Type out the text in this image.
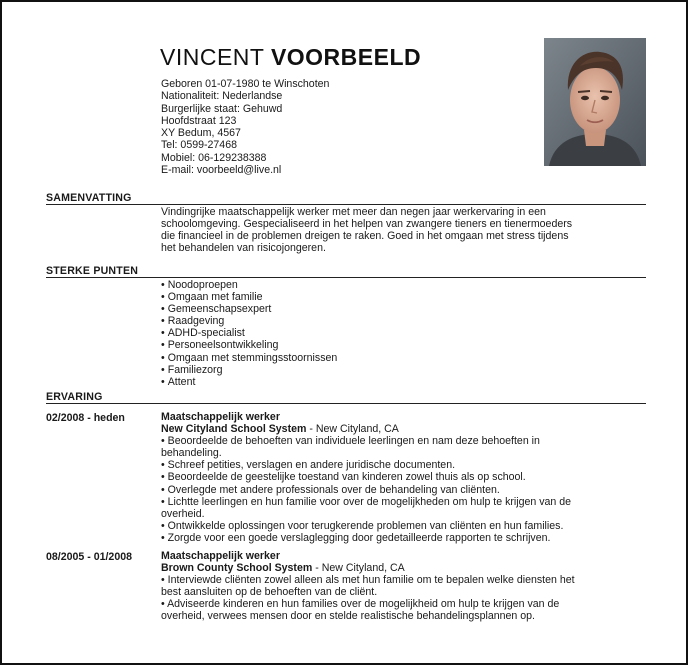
VINCENT VOORBEELD
Geboren 01-07-1980 te Winschoten
Nationaliteit: Nederlandse
Burgerlijke staat: Gehuwd
Hoofdstraat 123
XY Bedum, 4567
Tel: 0599-27468
Mobiel: 06-129238388
E-mail: voorbeeld@live.nl
SAMENVATTING
Vindingrijke maatschappelijk werker met meer dan negen jaar werkervaring in een
schoolomgeving. Gespecialiseerd in het helpen van zwangere tieners en tienermoeders
die financieel in de problemen dreigen te raken. Goed in het omgaan met stress tijdens
het behandelen van risicojongeren.
STERKE PUNTEN
• Noodoproepen
• Omgaan met familie
• Gemeenschapsexpert
• Raadgeving
• ADHD-specialist
• Personeelsontwikkeling
• Omgaan met stemmingsstoornissen
• Familiezorg
• Attent
ERVARING
02/2008 - heden	Maatschappelijk werker
New Cityland School System - New Cityland, CA
• Beoordeelde de behoeften van individuele leerlingen en nam deze behoeften in
behandeling.
• Schreef petities, verslagen en andere juridische documenten.
• Beoordeelde de geestelijke toestand van kinderen zowel thuis als op school.
• Overlegde met andere professionals over de behandeling van cliënten.
• Lichtte leerlingen en hun familie voor over de mogelijkheden om hulp te krijgen van de
overheid.
• Ontwikkelde oplossingen voor terugkerende problemen van cliënten en hun families.
• Zorgde voor een goede verslaglegging door gedetailleerde rapporten te schrijven.
08/2005 - 01/2008	Maatschappelijk werker
Brown County School System - New Cityland, CA
• Interviewde cliënten zowel alleen als met hun familie om te bepalen welke diensten het
best aansluiten op de behoeften van de cliënt.
• Adviseerde kinderen en hun families over de mogelijkheid om hulp te krijgen van de
overheid, verwees mensen door en stelde realistische behandelingsplannen op.
